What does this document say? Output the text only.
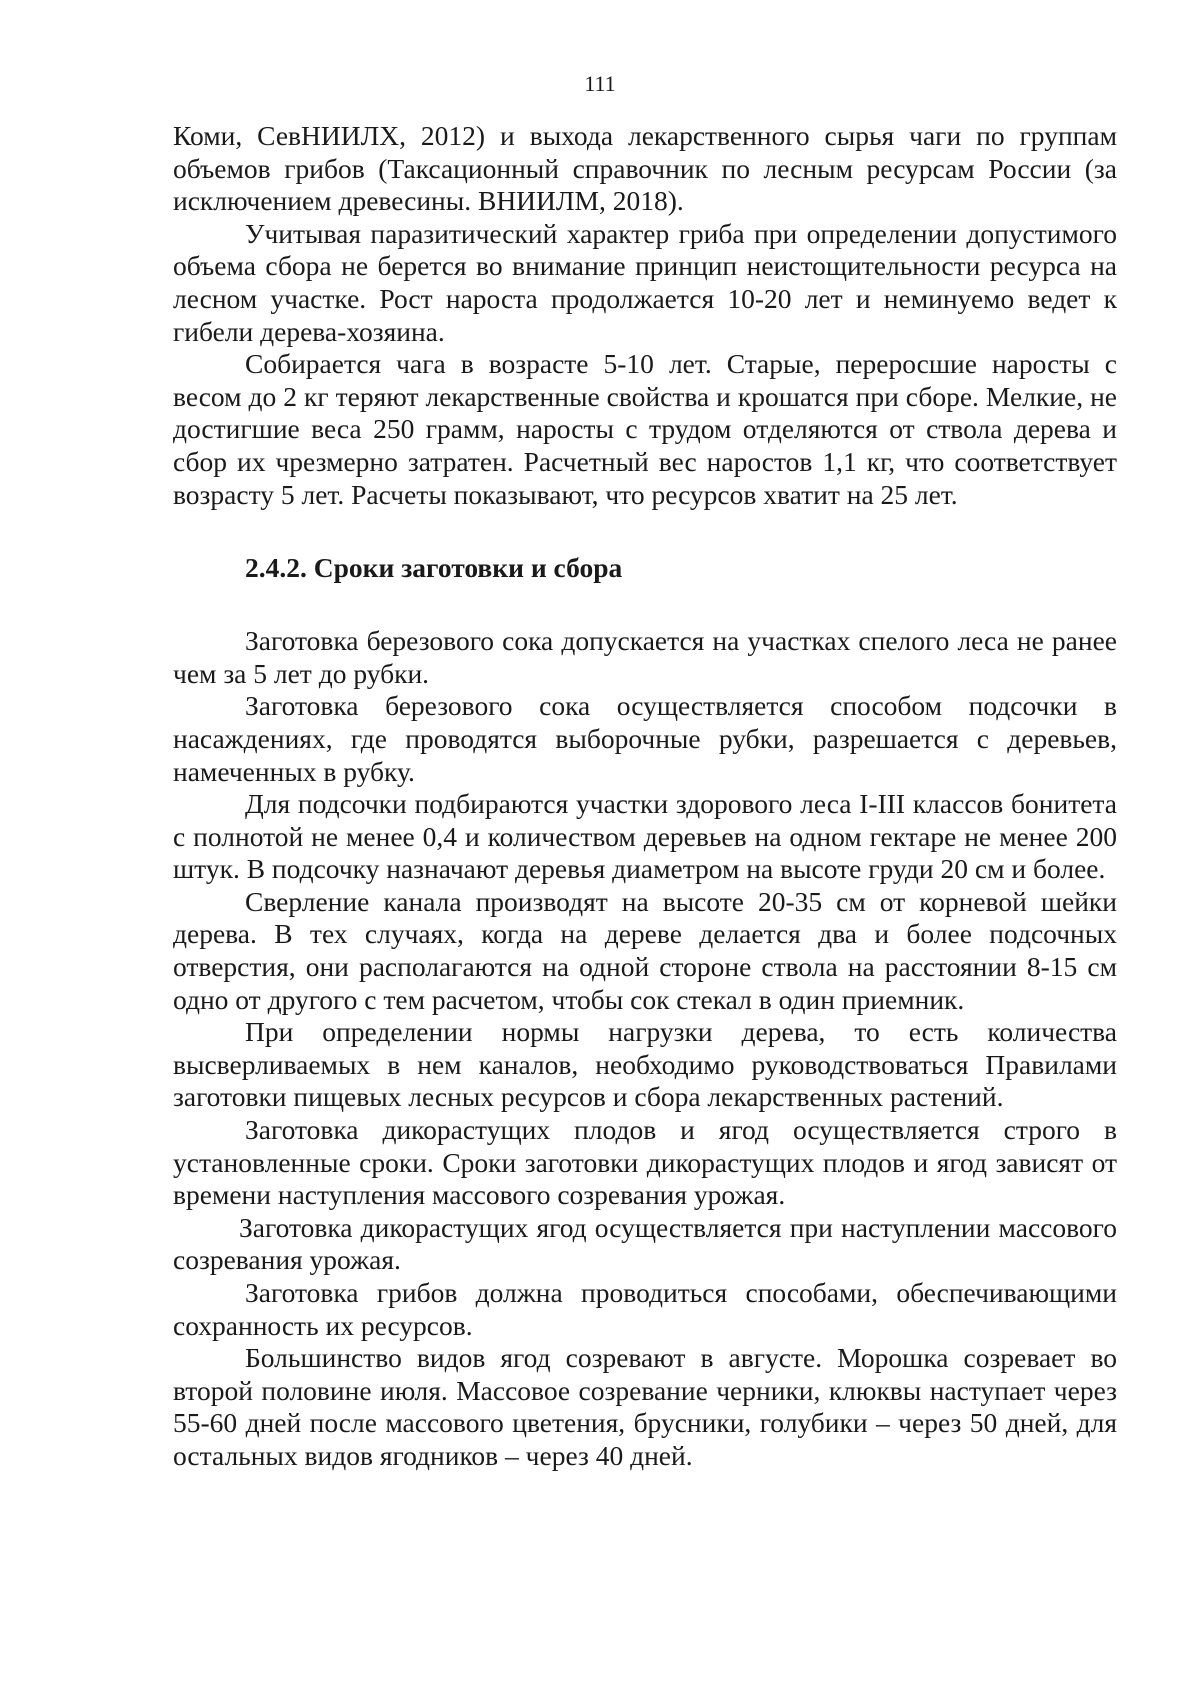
111

Коми, СевНИИЛХ, 2012) и выхода лекарственного сырья чаги по группам объемов грибов (Таксационный справочник по лесным ресурсам России (за исключением древесины. ВНИИЛМ, 2018).

Учитывая паразитический характер гриба при определении допустимого объема сбора не берется во внимание принцип неистощительности ресурса на лесном участке. Рост нароста продолжается 10-20 лет и неминуемо ведет к гибели дерева-хозяина.

Собирается чага в возрасте 5-10 лет. Старые, переросшие наросты с весом до 2 кг теряют лекарственные свойства и крошатся при сборе. Мелкие, не достигшие веса 250 грамм, наросты с трудом отделяются от ствола дерева и сбор их чрезмерно затратен. Расчетный вес наростов 1,1 кг, что соответствует возрасту 5 лет. Расчеты показывают, что ресурсов хватит на 25 лет.

2.4.2. Сроки заготовки и сбора

Заготовка березового сока допускается на участках спелого леса не ранее чем за 5 лет до рубки.

Заготовка березового сока осуществляется способом подсочки в насаждениях, где проводятся выборочные рубки, разрешается с деревьев, намеченных в рубку.

Для подсочки подбираются участки здорового леса I-III классов бонитета с полнотой не менее 0,4 и количеством деревьев на одном гектаре не менее 200 штук. В подсочку назначают деревья диаметром на высоте груди 20 см и более.

Сверление канала производят на высоте 20-35 см от корневой шейки дерева. В тех случаях, когда на дереве делается два и более подсочных отверстия, они располагаются на одной стороне ствола на расстоянии 8-15 см одно от другого с тем расчетом, чтобы сок стекал в один приемник.

При определении нормы нагрузки дерева, то есть количества высверливаемых в нем каналов, необходимо руководствоваться Правилами заготовки пищевых лесных ресурсов и сбора лекарственных растений.

Заготовка дикорастущих плодов и ягод осуществляется строго в установленные сроки. Сроки заготовки дикорастущих плодов и ягод зависят от времени наступления массового созревания урожая.

Заготовка дикорастущих ягод осуществляется при наступлении массового созревания урожая.

Заготовка грибов должна проводиться способами, обеспечивающими сохранность их ресурсов.

Большинство видов ягод созревают в августе. Морошка созревает во второй половине июля. Массовое созревание черники, клюквы наступает через 55-60 дней после массового цветения, брусники, голубики – через 50 дней, для остальных видов ягодников – через 40 дней.
